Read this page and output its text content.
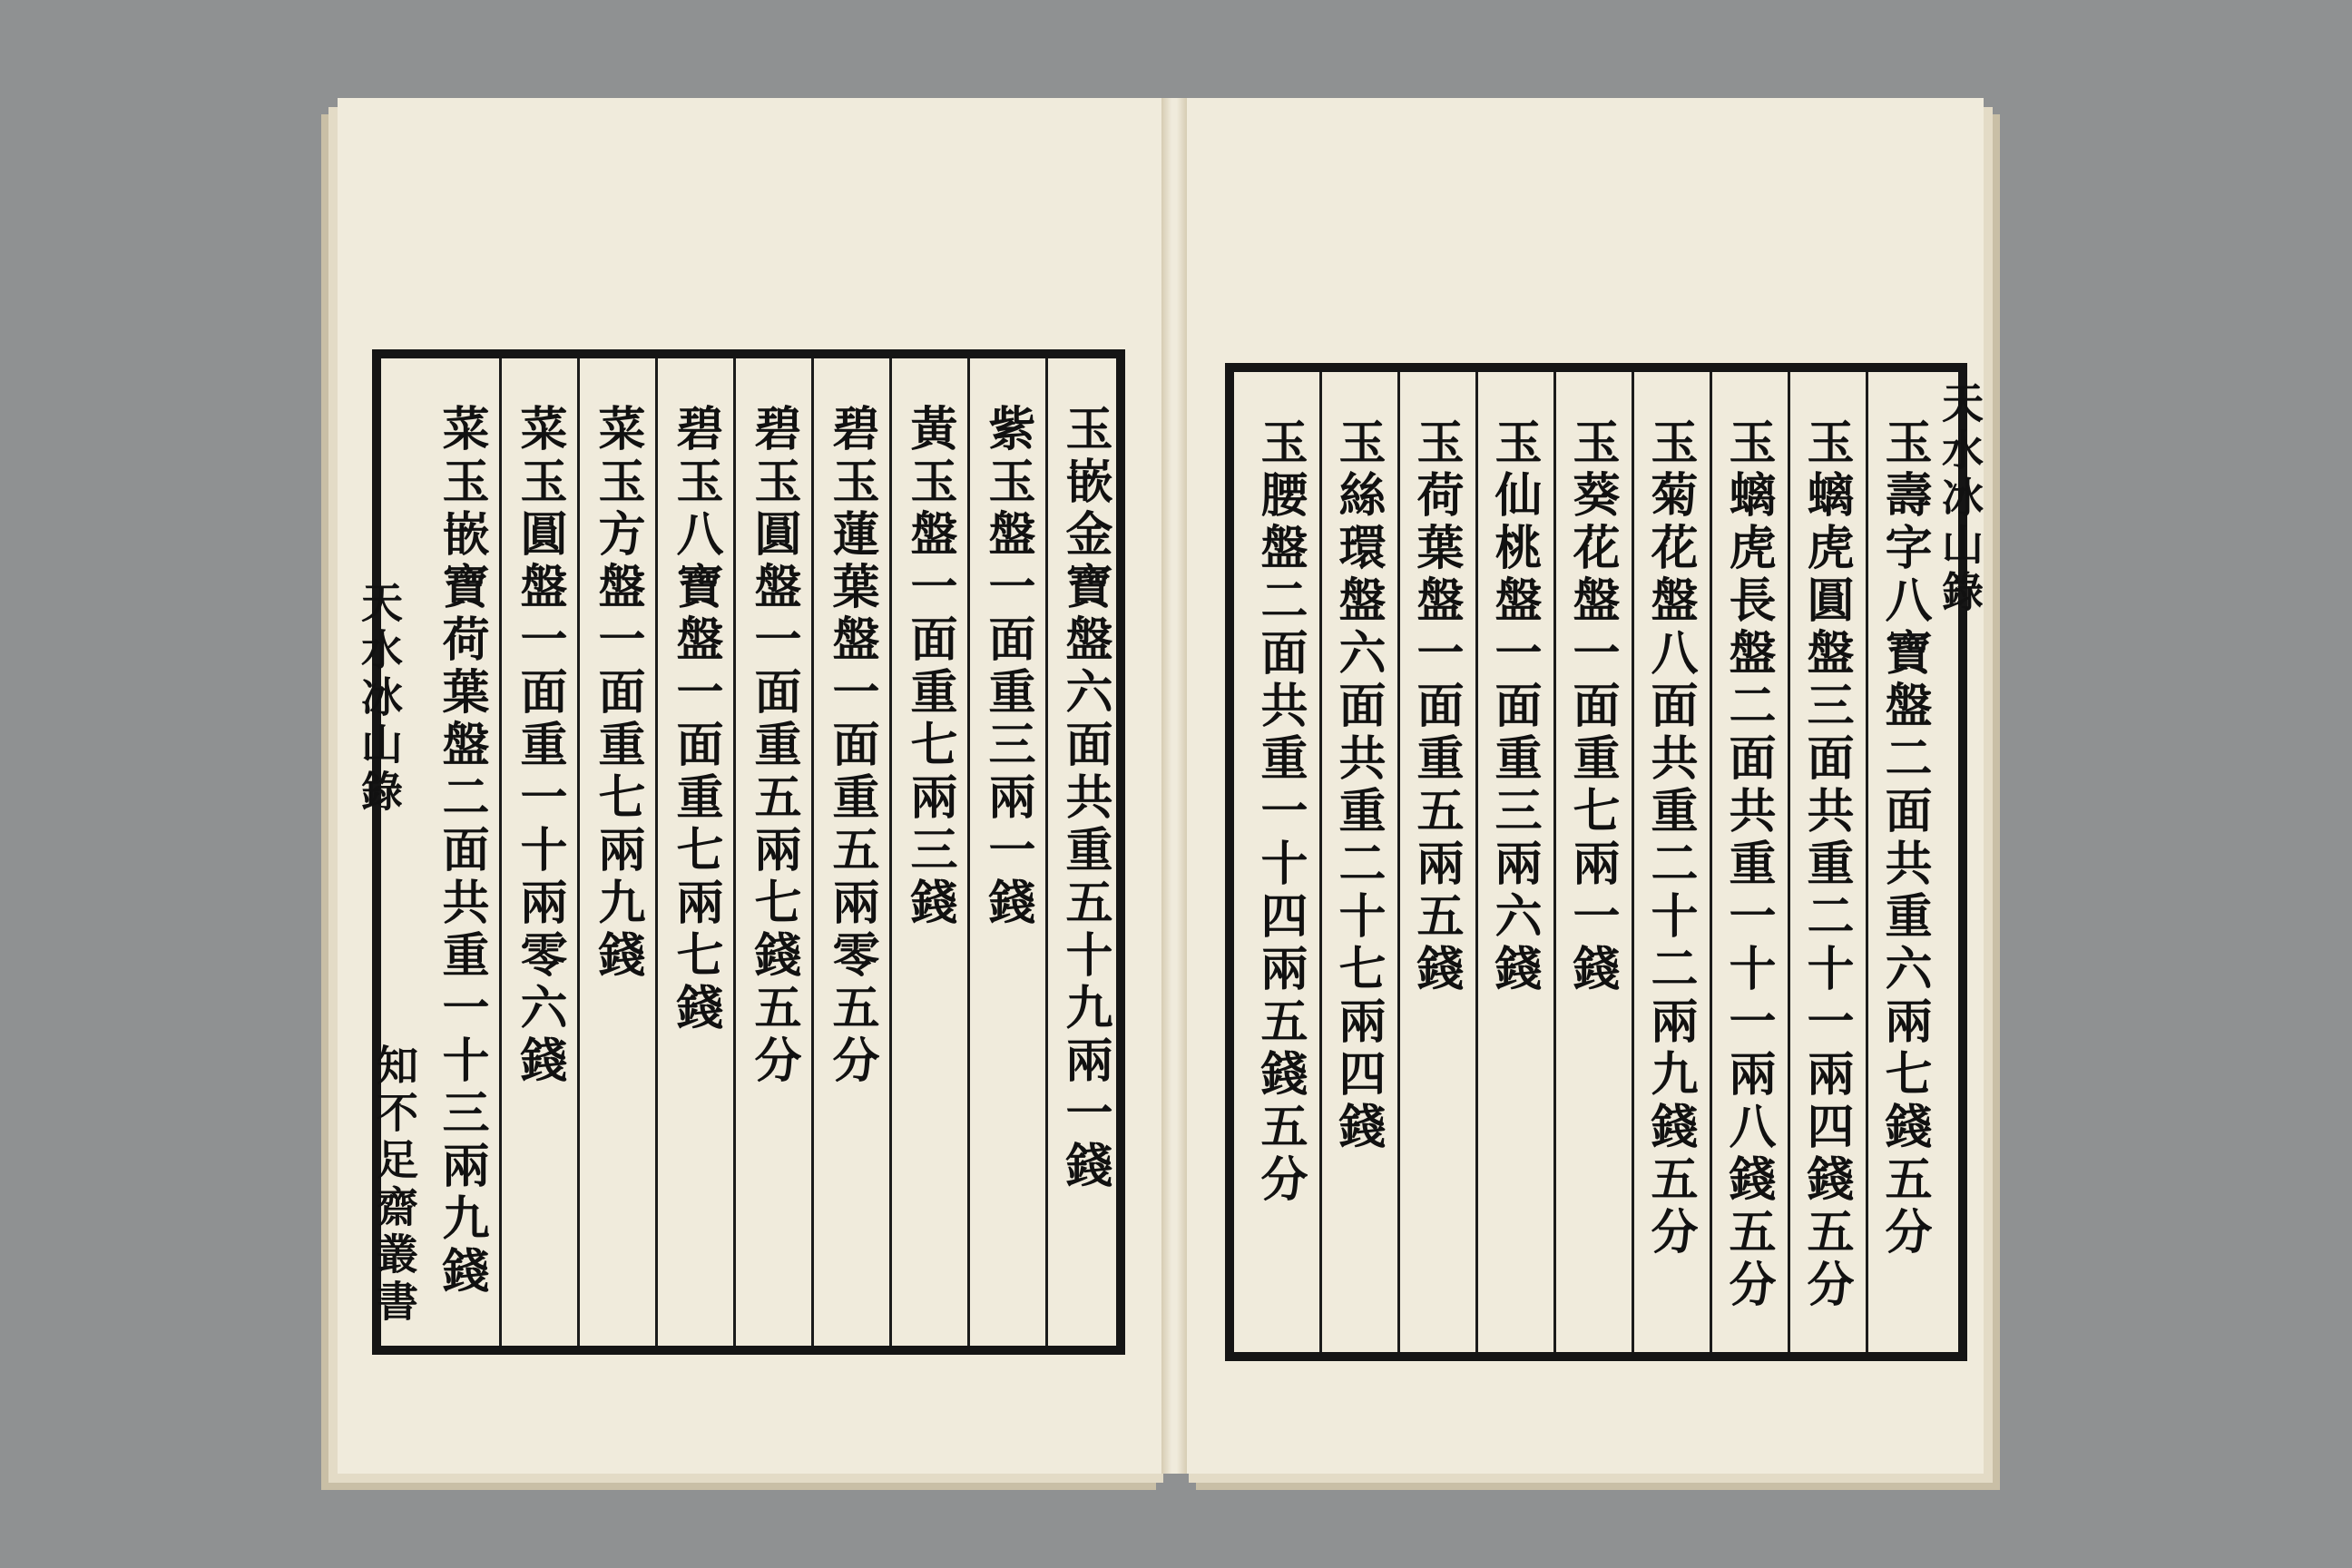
玉嵌金寶盤六面共重五十九兩一錢
紫玉盤一面重三兩一錢
黃玉盤一面重七兩三錢
碧玉蓮葉盤一面重五兩零五分
碧玉圓盤一面重五兩七錢五分
碧玉八寶盤一面重七兩七錢
菜玉方盤一面重七兩九錢
菜玉圓盤一面重一十兩零六錢
菜玉嵌寶荷葉盤二面共重一十三兩九錢
天水冰山錄
知不足齋叢書	玉壽字八寶盤二面共重六兩七錢五分
玉螭虎圓盤三面共重二十一兩四錢五分
玉螭虎長盤二面共重一十一兩八錢五分
玉菊花盤八面共重二十二兩九錢五分
玉葵花盤一面重七兩一錢
玉仙桃盤一面重三兩六錢
玉荷葉盤一面重五兩五錢
玉絲環盤六面共重二十七兩四錢
玉腰盤二面共重一十四兩五錢五分	天水冰山錄
